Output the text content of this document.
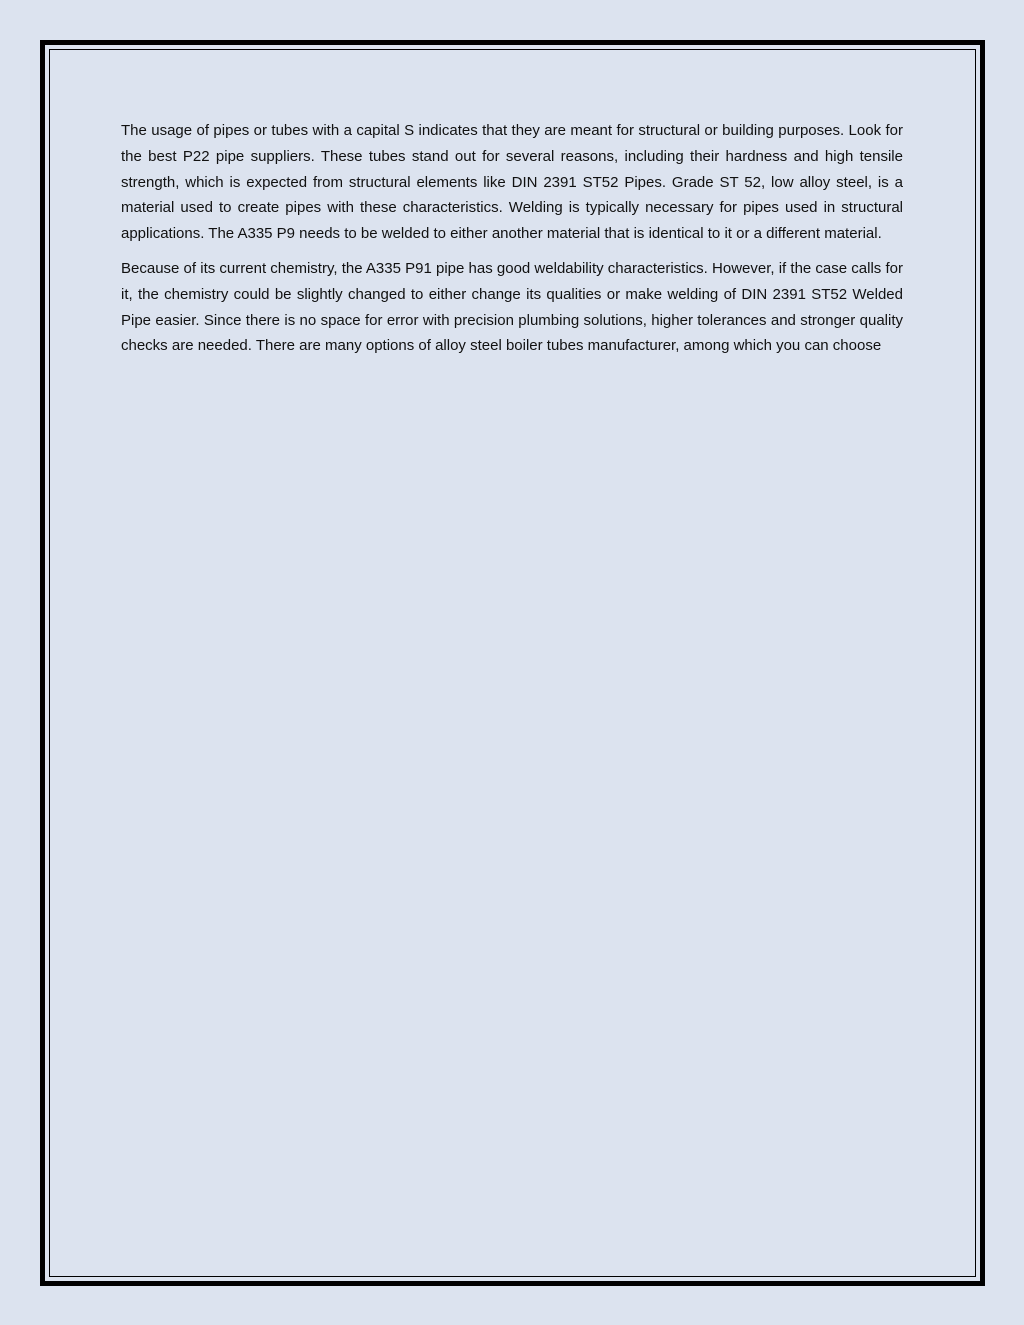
The usage of pipes or tubes with a capital S indicates that they are meant for structural or building purposes. Look for the best P22 pipe suppliers. These tubes stand out for several reasons, including their hardness and high tensile strength, which is expected from structural elements like DIN 2391 ST52 Pipes. Grade ST 52, low alloy steel, is a material used to create pipes with these characteristics. Welding is typically necessary for pipes used in structural applications. The A335 P9 needs to be welded to either another material that is identical to it or a different material.

Because of its current chemistry, the A335 P91 pipe has good weldability characteristics. However, if the case calls for it, the chemistry could be slightly changed to either change its qualities or make welding of DIN 2391 ST52 Welded Pipe easier. Since there is no space for error with precision plumbing solutions, higher tolerances and stronger quality checks are needed. There are many options of alloy steel boiler tubes manufacturer, among which you can choose
